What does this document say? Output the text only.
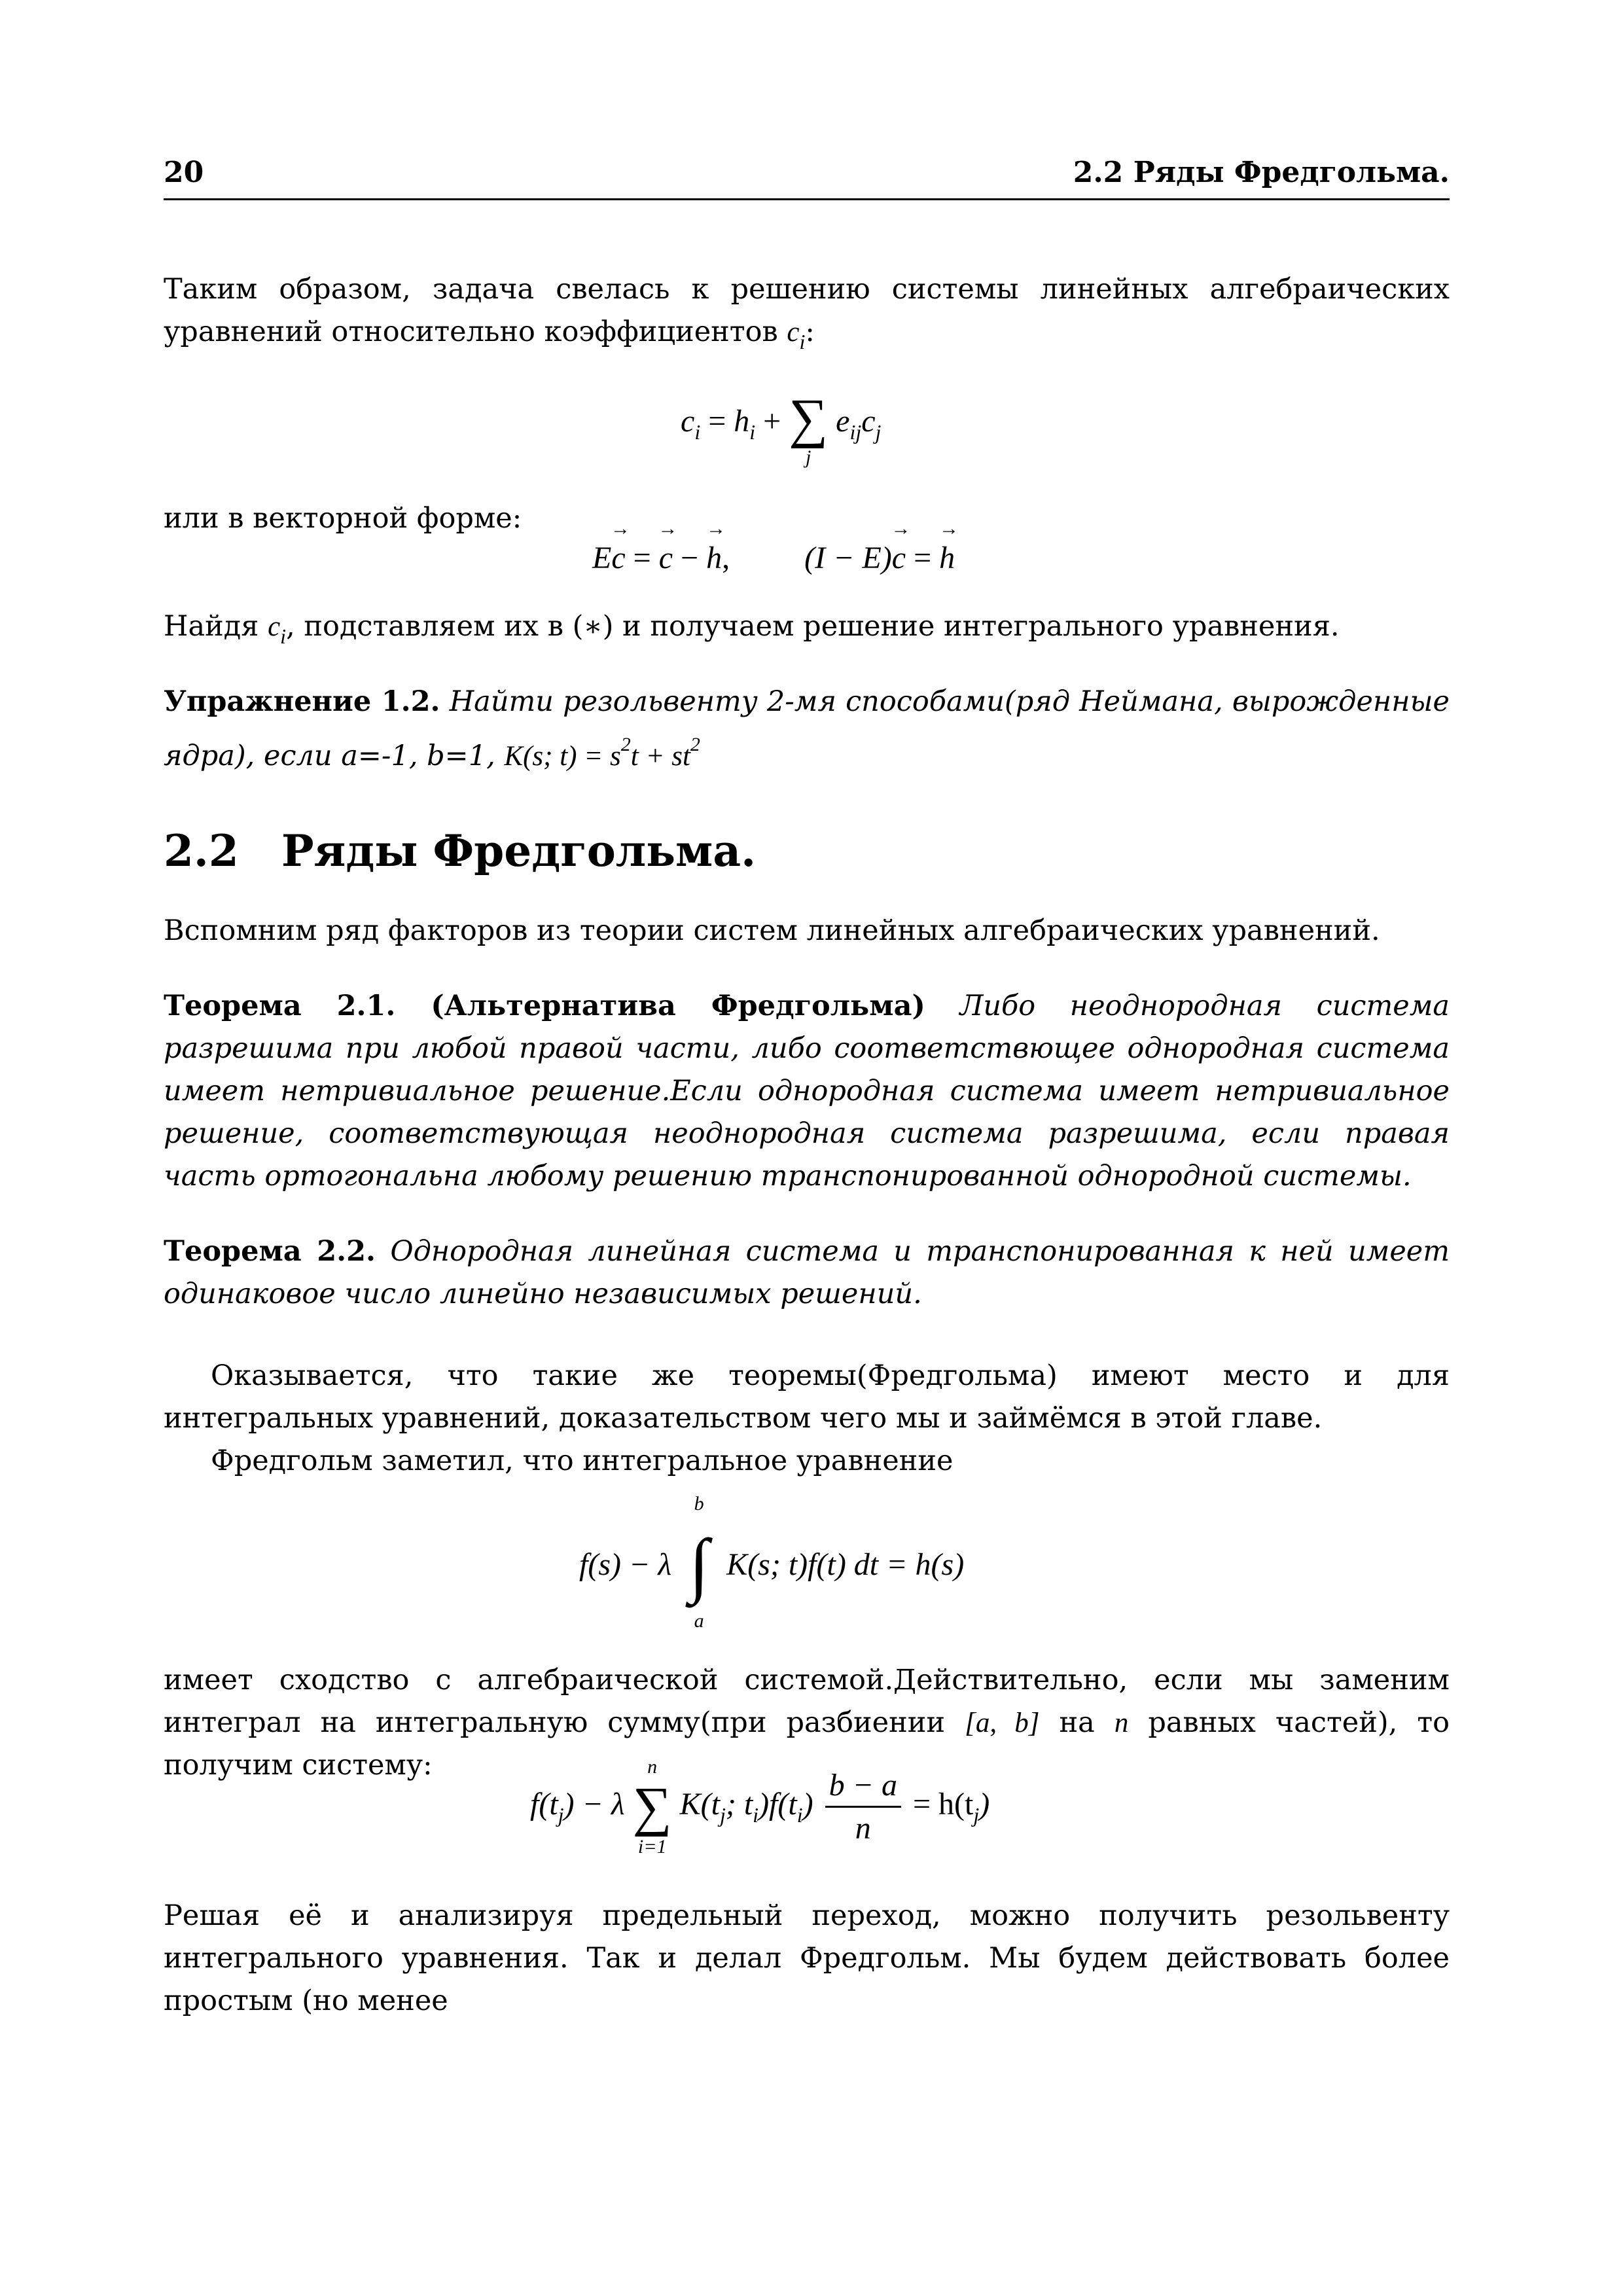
20	2.2 Ряды Фредгольма.
Таким образом, задача свелась к решению системы линейных алгебраических уравнений относительно коэффициентов $c_i$:
$c_i = h_i$ + ∑
j
$e_{ij}c_j$
или в векторной форме:
E→ c = → c − → h, (I − E)→ c = → h
Найдя $c_i$, подставляем их в (∗) и получаем решение интегрального уравнения.
Упражнение 1.2. Найти резольвенту 2-мя способами(ряд Неймана, вырожденные ядра), если a=-1, b=1, K(s; $t) = s^2t + st^2$
2.2 Ряды Фредгольма.
Вспомним ряд факторов из теории систем линейных алгебраических уравнений.
Теорема 2.1. (Альтернатива Фредгольма) Либо неоднородная система разрешима при любой правой части, либо соответствющее однородная система имеет нетривиальное решение.Если однородная система имеет нетривиальное решение, соответствующая неоднородная система разрешима, если правая часть ортогональна любому решению транспонированной однородной системы.
Теорема 2.2. Однородная линейная система и транспонированная к ней имеет одинаковое число линейно независимых решений.
Оказывается, что такие же теоремы(Фредгольма) имеют место и для интегральных уравнений, доказательством чего мы и займёмся в этой главе.
Фредгольм заметил, что интегральное уравнение
f(s) − λ
b
∫
a
K(s; t)f(t) dt = h(s)
имеет сходство с алгебраической системой.Действительно, если мы заменим интеграл на интегральную сумму(при разбиении [a, b] на n равных частей), то получим систему:
$f(t_j) - \lambda$
n
∑
i=1
$K(t_j$; $t_i)f(t_i) \frac{b - a}{n} = h(t_j)$
Решая её и анализируя предельный переход, можно получить резольвенту интегрального уравнения. Так и делал Фредгольм. Мы будем действовать более простым (но менее
